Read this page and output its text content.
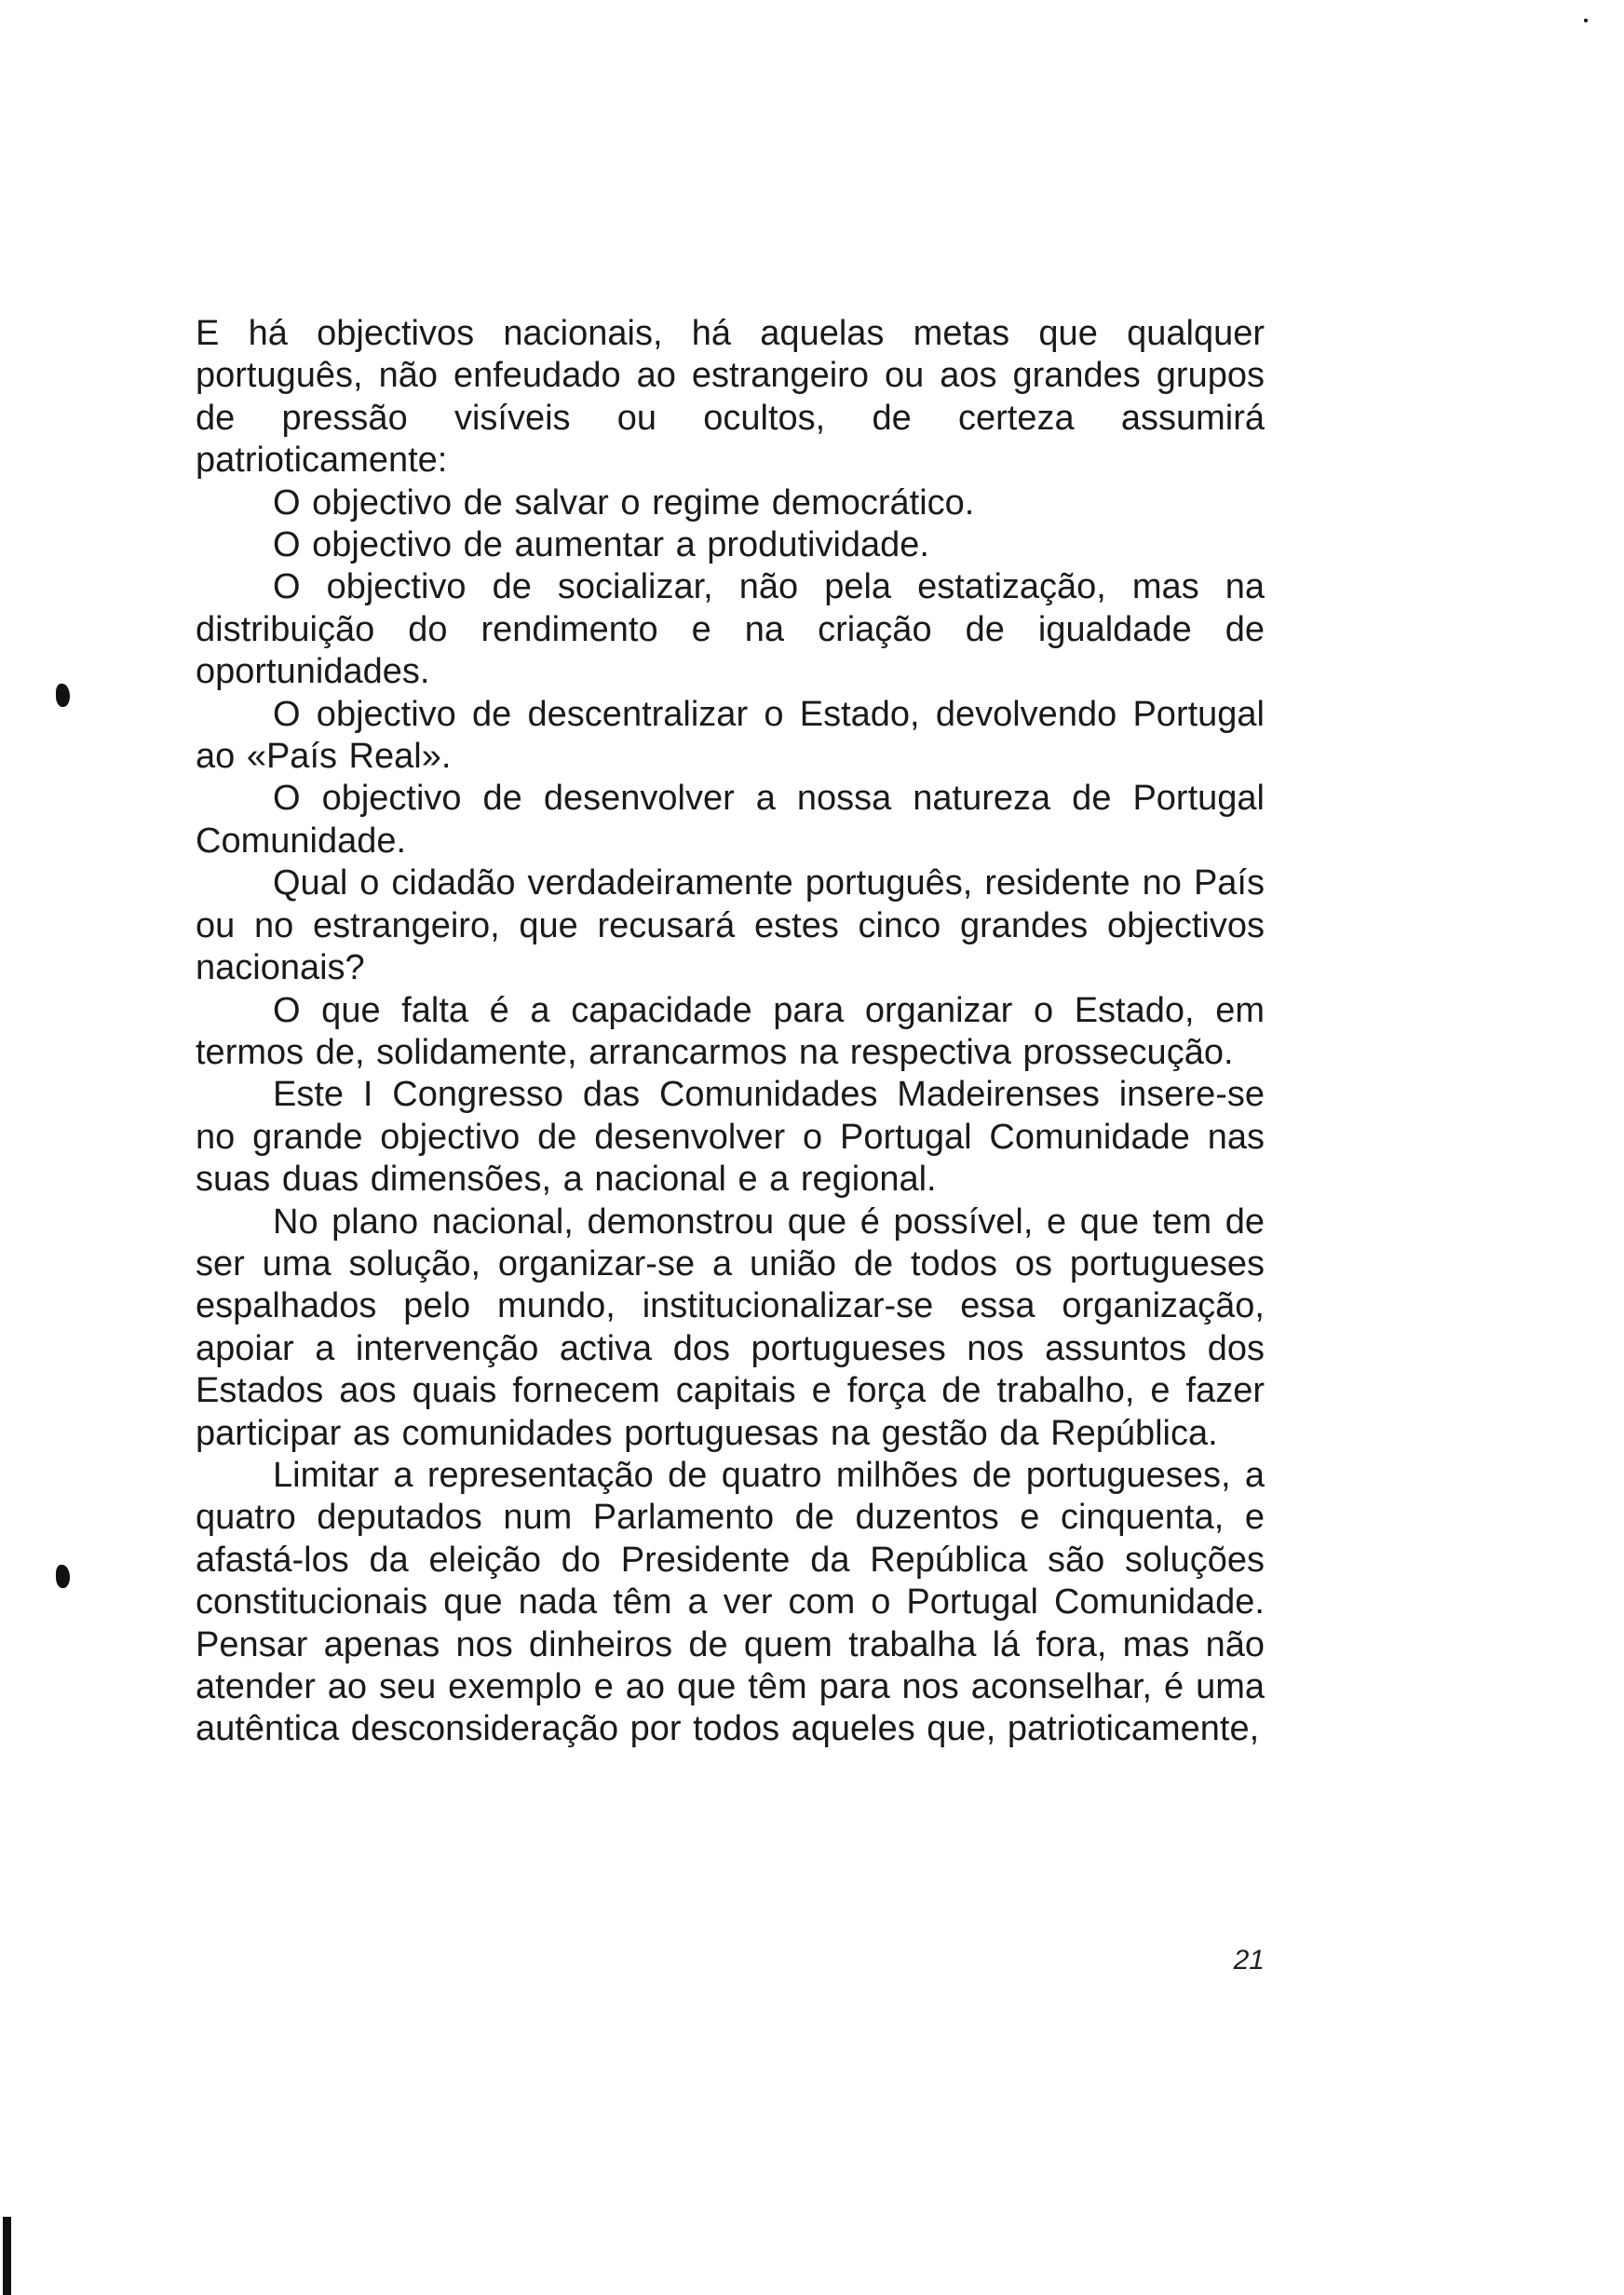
E há objectivos nacionais, há aquelas metas que qualquer português, não enfeudado ao estrangeiro ou aos grandes grupos de pressão visíveis ou ocultos, de certeza assumirá patrioticamente:

O objectivo de salvar o regime democrático.

O objectivo de aumentar a produtividade.

O objectivo de socializar, não pela estatização, mas na distribuição do rendimento e na criação de igualdade de oportunidades.

O objectivo de descentralizar o Estado, devolvendo Portugal ao «País Real».

O objectivo de desenvolver a nossa natureza de Portugal Comunidade.

Qual o cidadão verdadeiramente português, residente no País ou no estrangeiro, que recusará estes cinco grandes objectivos nacionais?

O que falta é a capacidade para organizar o Estado, em termos de, solidamente, arrancarmos na respectiva prossecução.

Este I Congresso das Comunidades Madeirenses insere-se no grande objectivo de desenvolver o Portugal Comunidade nas suas duas dimensões, a nacional e a regional.

No plano nacional, demonstrou que é possível, e que tem de ser uma solução, organizar-se a união de todos os portugueses espalhados pelo mundo, institucionalizar-se essa organização, apoiar a intervenção activa dos portugueses nos assuntos dos Estados aos quais fornecem capitais e força de trabalho, e fazer participar as comunidades portuguesas na gestão da República.

Limitar a representação de quatro milhões de portugueses, a quatro deputados num Parlamento de duzentos e cinquenta, e afastá-los da eleição do Presidente da República são soluções constitucionais que nada têm a ver com o Portugal Comunidade. Pensar apenas nos dinheiros de quem trabalha lá fora, mas não atender ao seu exemplo e ao que têm para nos aconselhar, é uma autêntica desconsideração por todos aqueles que, patrioticamente,

21
